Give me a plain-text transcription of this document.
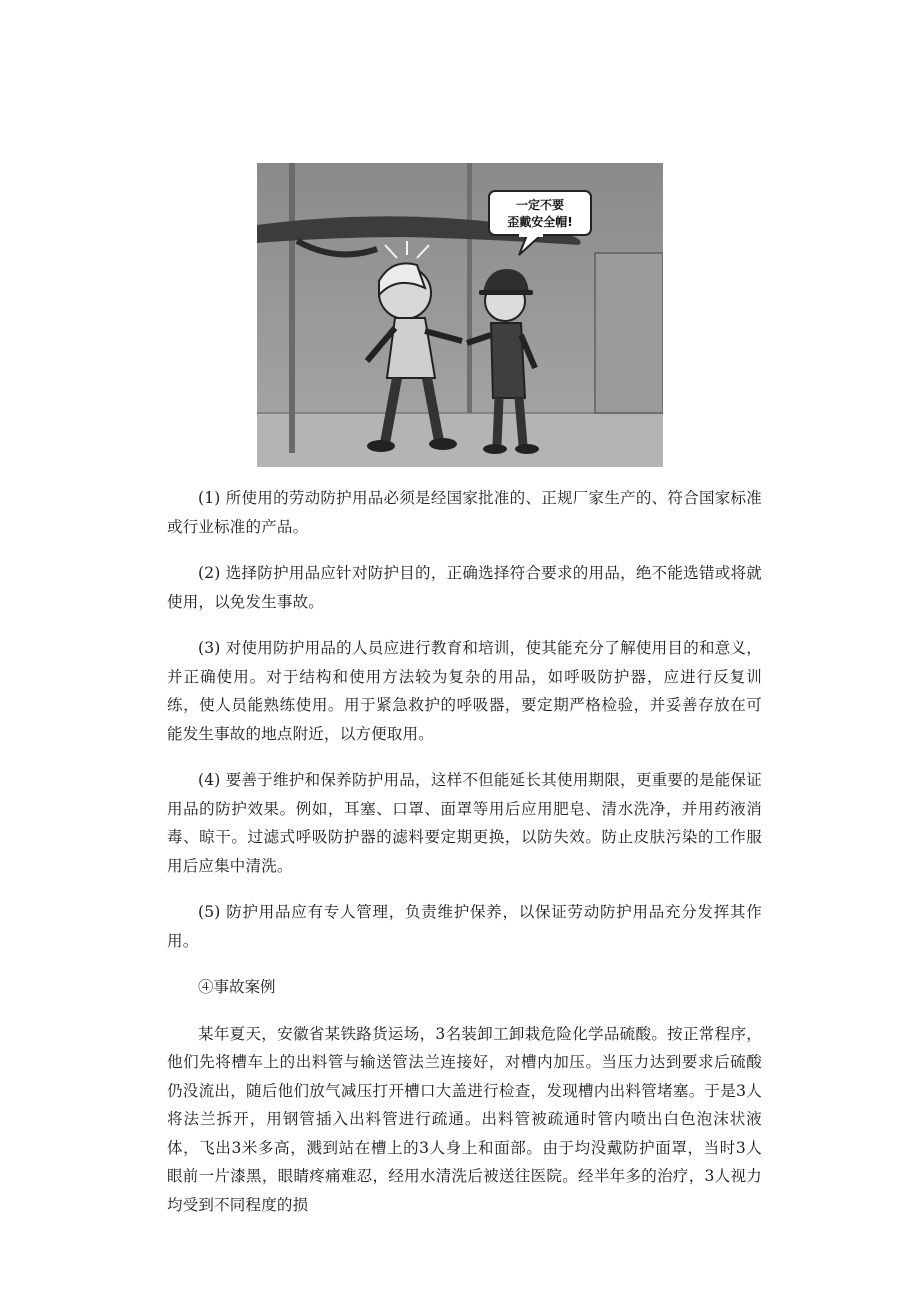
一定不要
歪戴安全帽!

(1) 所使用的劳动防护用品必须是经国家批准的、正规厂家生产的、符合国家标准或行业标准的产品。

(2) 选择防护用品应针对防护目的，正确选择符合要求的用品，绝不能选错或将就使用，以免发生事故。

(3) 对使用防护用品的人员应进行教育和培训，使其能充分了解使用目的和意义，并正确使用。对于结构和使用方法较为复杂的用品，如呼吸防护器，应进行反复训练，使人员能熟练使用。用于紧急救护的呼吸器，要定期严格检验，并妥善存放在可能发生事故的地点附近，以方便取用。

(4) 要善于维护和保养防护用品，这样不但能延长其使用期限，更重要的是能保证用品的防护效果。例如，耳塞、口罩、面罩等用后应用肥皂、清水洗净，并用药液消毒、晾干。过滤式呼吸防护器的滤料要定期更换，以防失效。防止皮肤污染的工作服用后应集中清洗。

(5) 防护用品应有专人管理，负责维护保养，以保证劳动防护用品充分发挥其作用。

④事故案例

某年夏天，安徽省某铁路货运场，3名装卸工卸栽危险化学品硫酸。按正常程序，他们先将槽车上的出料管与输送管法兰连接好，对槽内加压。当压力达到要求后硫酸仍没流出，随后他们放气减压打开槽口大盖进行检查，发现槽内出料管堵塞。于是3人将法兰拆开，用钢管插入出料管进行疏通。出料管被疏通时管内喷出白色泡沫状液体，飞出3米多高，溅到站在槽上的3人身上和面部。由于均没戴防护面罩，当时3人眼前一片漆黑，眼睛疼痛难忍，经用水清洗后被送往医院。经半年多的治疗，3人视力均受到不同程度的损
